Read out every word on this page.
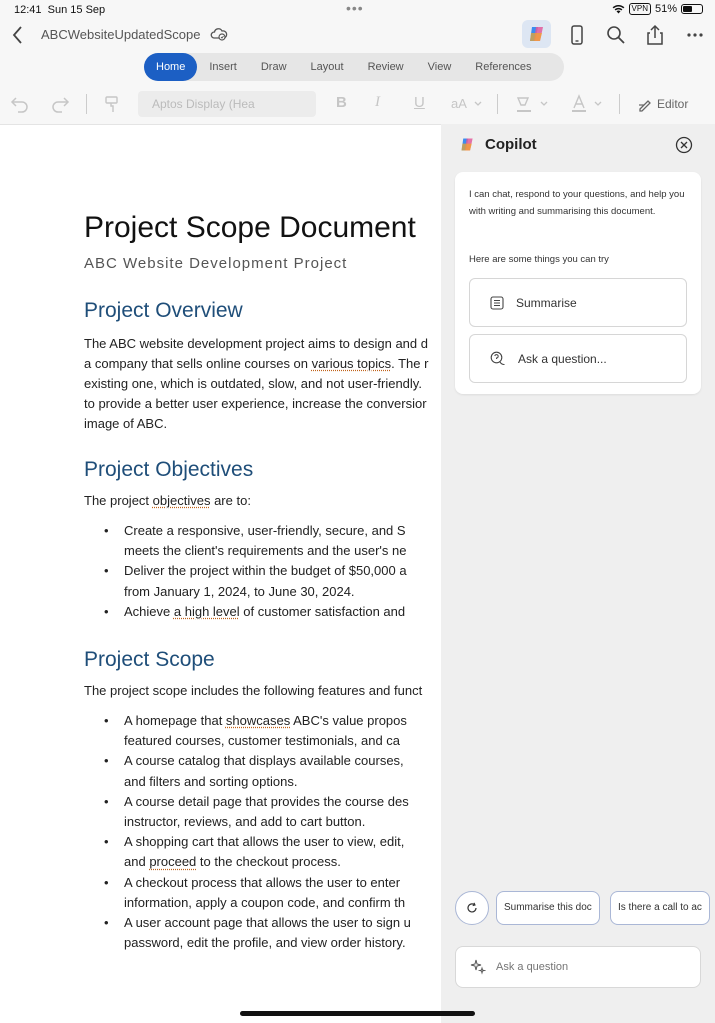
12:41 Sun 15 Sep	•••	VPN 51%
ABCWebsiteUpdatedScope
Home	Insert	Draw	Layout	Review	View	References
Aptos Display (Hea	B I U aA	Editor
Project Scope Document
ABC Website Development Project
Project Overview
The ABC website development project aims to design and d
a company that sells online courses on various topics. The r
existing one, which is outdated, slow, and not user-friendly.
to provide a better user experience, increase the conversior
image of ABC.
Project Objectives
The project objectives are to:
• Create a responsive, user-friendly, secure, and S
meets the client's requirements and the user's ne
• Deliver the project within the budget of $50,000 a
from January 1, 2024, to June 30, 2024.
• Achieve a high level of customer satisfaction and
Project Scope
The project scope includes the following features and funct
• A homepage that showcases ABC's value propos
featured courses, customer testimonials, and ca
• A course catalog that displays available courses,
and filters and sorting options.
• A course detail page that provides the course des
instructor, reviews, and add to cart button.
• A shopping cart that allows the user to view, edit,
and proceed to the checkout process.
• A checkout process that allows the user to enter
information, apply a coupon code, and confirm th
• A user account page that allows the user to sign u
password, edit the profile, and view order history.
Copilot
I can chat, respond to your questions, and help you with writing and summarising this document.
Here are some things you can try
Summarise
Ask a question...
Summarise this doc	Is there a call to ac
Ask a question
